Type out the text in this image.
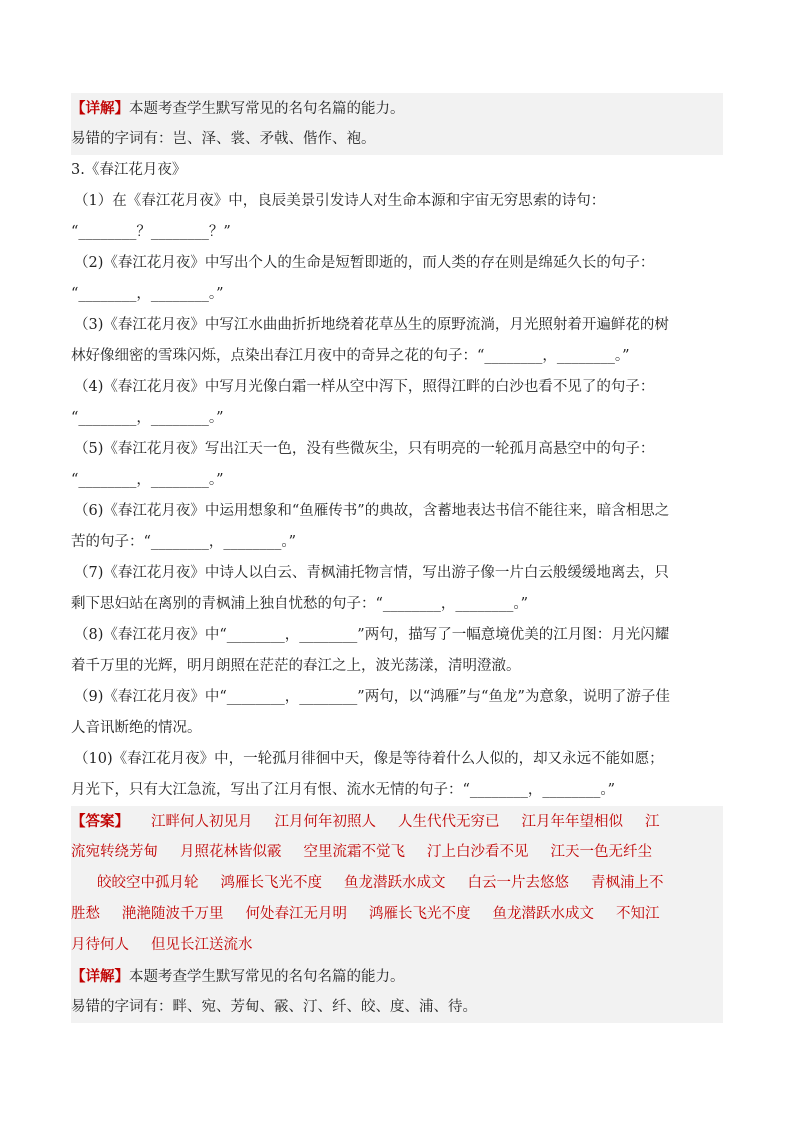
【详解】本题考查学生默写常见的名句名篇的能力。
易错的字词有：岂、泽、裳、矛戟、偕作、袍。
3.《春江花月夜》
（1）在《春江花月夜》中，良辰美景引发诗人对生命本源和宇宙无穷思索的诗句：
“________？________？”
（2)《春江花月夜》中写出个人的生命是短暂即逝的，而人类的存在则是绵延久长的句子：
“________，________。”
（3)《春江花月夜》中写江水曲曲折折地绕着花草丛生的原野流淌，月光照射着开遍鲜花的树
林好像细密的雪珠闪烁，点染出春江月夜中的奇异之花的句子：“________，________。”
（4)《春江花月夜》中写月光像白霜一样从空中泻下，照得江畔的白沙也看不见了的句子：
“________，________。”
（5)《春江花月夜》写出江天一色，没有些微灰尘，只有明亮的一轮孤月高悬空中的句子：
“________，________。”
（6)《春江花月夜》中运用想象和“鱼雁传书”的典故，含蓄地表达书信不能往来，暗含相思之
苦的句子：“________，________。”
（7)《春江花月夜》中诗人以白云、青枫浦托物言情，写出游子像一片白云般缓缓地离去，只
剩下思妇站在离别的青枫浦上独自忧愁的句子：“________，________。”
（8)《春江花月夜》中“________，________”两句，描写了一幅意境优美的江月图：月光闪耀
着千万里的光辉，明月朗照在茫茫的春江之上，波光荡漾，清明澄澈。
（9)《春江花月夜》中“________，________”两句，以“鸿雁”与“鱼龙”为意象，说明了游子佳
人音讯断绝的情况。
（10)《春江花月夜》中，一轮孤月徘徊中天，像是等待着什么人似的，却又永远不能如愿；
月光下，只有大江急流，写出了江月有恨、流水无情的句子：“________，________。”
【答案】 江畔何人初见月 江月何年初照人 人生代代无穷已 江月年年望相似 江
流宛转绕芳甸 月照花林皆似霰 空里流霜不觉飞 汀上白沙看不见 江天一色无纤尘
皎皎空中孤月轮 鸿雁长飞光不度 鱼龙潜跃水成文 白云一片去悠悠 青枫浦上不
胜愁 滟滟随波千万里 何处春江无月明 鸿雁长飞光不度 鱼龙潜跃水成文 不知江
月待何人 但见长江送流水
【详解】本题考查学生默写常见的名句名篇的能力。
易错的字词有：畔、宛、芳甸、霰、汀、纤、皎、度、浦、待。
